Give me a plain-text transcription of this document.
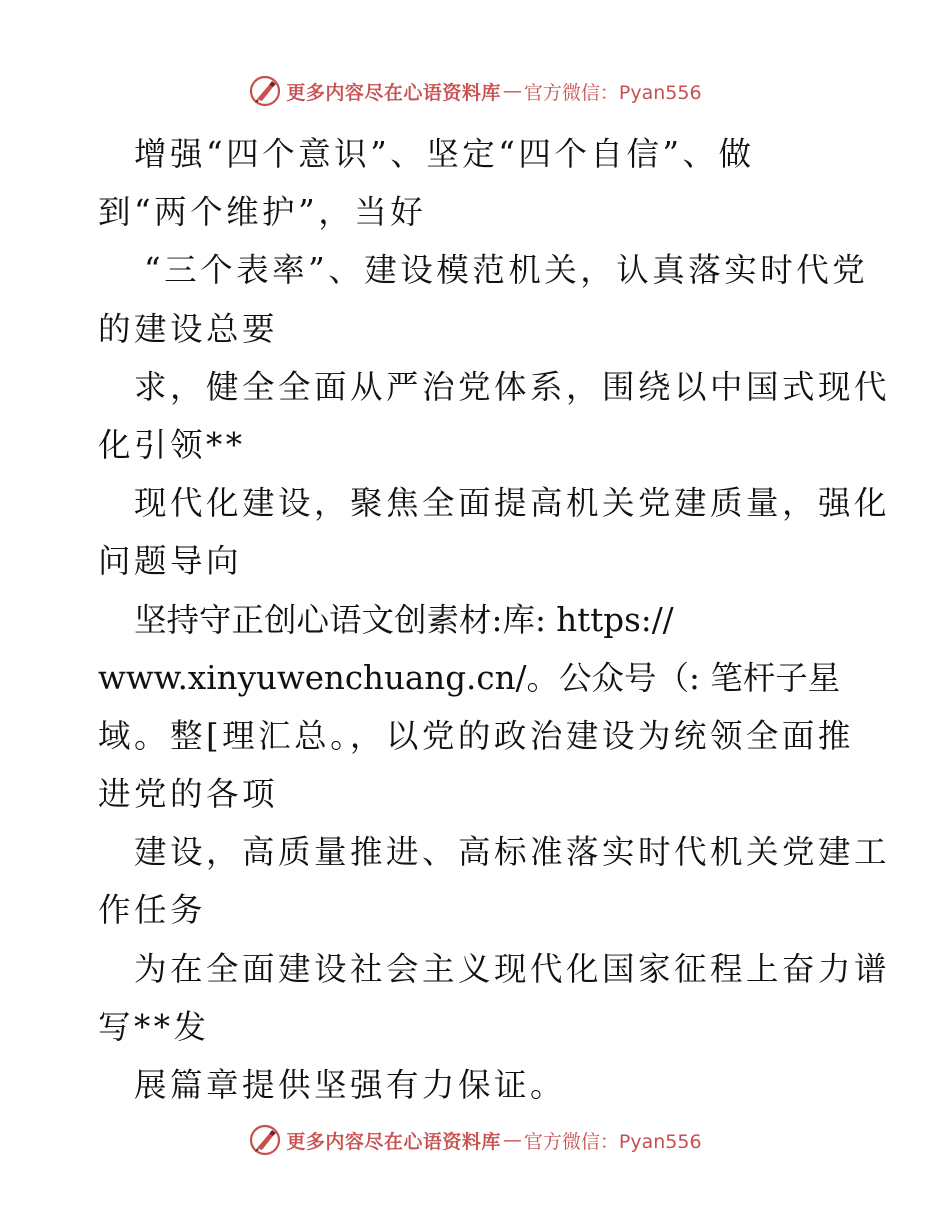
更多内容尽在心语资料库 — 官方微信：Pyan556
增强“四个意识”、坚定“四个自信”、做
到“两个维护”，当好
“三个表率”、建设模范机关，认真落实时代党
的建设总要
求，健全全面从严治党体系，围绕以中国式现代
化引领**
现代化建设，聚焦全面提高机关党建质量，强化
问题导向
坚持守正创心语文创素材:库: https://
www.xinyuwenchuang.cn/。公众号（: 笔杆子星
域。整[理汇总。，以党的政治建设为统领全面推
进党的各项
建设，高质量推进、高标准落实时代机关党建工
作任务
为在全面建设社会主义现代化国家征程上奋力谱
写**发
展篇章提供坚强有力保证。
更多内容尽在心语资料库 — 官方微信：Pyan556
